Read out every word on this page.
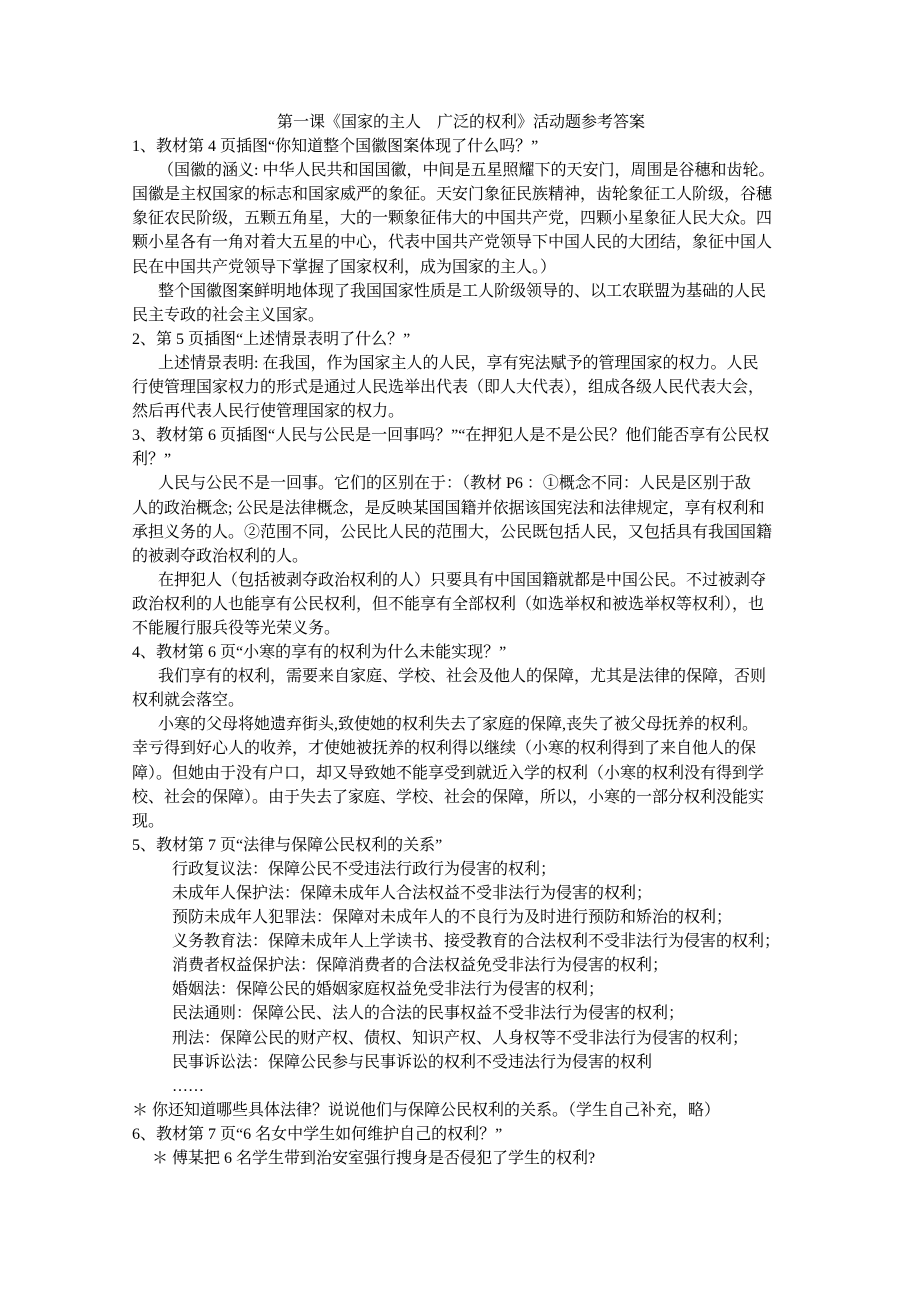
第一课《国家的主人　广泛的权利》活动题参考答案
1、教材第 4 页插图“你知道整个国徽图案体现了什么吗？”
（国徽的涵义: 中华人民共和国国徽，中间是五星照耀下的天安门，周围是谷穗和齿轮。
国徽是主权国家的标志和国家威严的象征。天安门象征民族精神，齿轮象征工人阶级，谷穗
象征农民阶级，五颗五角星，大的一颗象征伟大的中国共产党，四颗小星象征人民大众。四
颗小星各有一角对着大五星的中心，代表中国共产党领导下中国人民的大团结，象征中国人
民在中国共产党领导下掌握了国家权利，成为国家的主人。）
整个国徽图案鲜明地体现了我国国家性质是工人阶级领导的、以工农联盟为基础的人民
民主专政的社会主义国家。
2、第 5 页插图“上述情景表明了什么？”
上述情景表明: 在我国，作为国家主人的人民，享有宪法赋予的管理国家的权力。人民
行使管理国家权力的形式是通过人民选举出代表（即人大代表），组成各级人民代表大会，
然后再代表人民行使管理国家的权力。
3、教材第 6 页插图“人民与公民是一回事吗？”“在押犯人是不是公民？他们能否享有公民权
利？”
人民与公民不是一回事。它们的区别在于：（教材 P6 ：①概念不同：人民是区别于敌
人的政治概念; 公民是法律概念，是反映某国国籍并依据该国宪法和法律规定，享有权利和
承担义务的人。②范围不同，公民比人民的范围大，公民既包括人民，又包括具有我国国籍
的被剥夺政治权利的人。
在押犯人（包括被剥夺政治权利的人）只要具有中国国籍就都是中国公民。不过被剥夺
政治权利的人也能享有公民权利，但不能享有全部权利（如选举权和被选举权等权利），也
不能履行服兵役等光荣义务。
4、教材第 6 页“小寒的享有的权利为什么未能实现？”
我们享有的权利，需要来自家庭、学校、社会及他人的保障，尤其是法律的保障，否则
权利就会落空。
小寒的父母将她遗弃街头,致使她的权利失去了家庭的保障,丧失了被父母抚养的权利。
幸亏得到好心人的收养，才使她被抚养的权利得以继续（小寒的权利得到了来自他人的保
障）。但她由于没有户口，却又导致她不能享受到就近入学的权利（小寒的权利没有得到学
校、社会的保障）。由于失去了家庭、学校、社会的保障，所以，小寒的一部分权利没能实
现。
5、教材第 7 页“法律与保障公民权利的关系”
行政复议法：保障公民不受违法行政行为侵害的权利；
未成年人保护法：保障未成年人合法权益不受非法行为侵害的权利；
预防未成年人犯罪法：保障对未成年人的不良行为及时进行预防和矫治的权利；
义务教育法：保障未成年人上学读书、接受教育的合法权利不受非法行为侵害的权利；
消费者权益保护法：保障消费者的合法权益免受非法行为侵害的权利；
婚姻法：保障公民的婚姻家庭权益免受非法行为侵害的权利；
民法通则：保障公民、法人的合法的民事权益不受非法行为侵害的权利；
刑法：保障公民的财产权、债权、知识产权、人身权等不受非法行为侵害的权利；
民事诉讼法：保障公民参与民事诉讼的权利不受违法行为侵害的权利
……
＊ 你还知道哪些具体法律？说说他们与保障公民权利的关系。（学生自己补充，略）
6、教材第 7 页“6 名女中学生如何维护自己的权利？”
＊ 傅某把 6 名学生带到治安室强行搜身是否侵犯了学生的权利?
